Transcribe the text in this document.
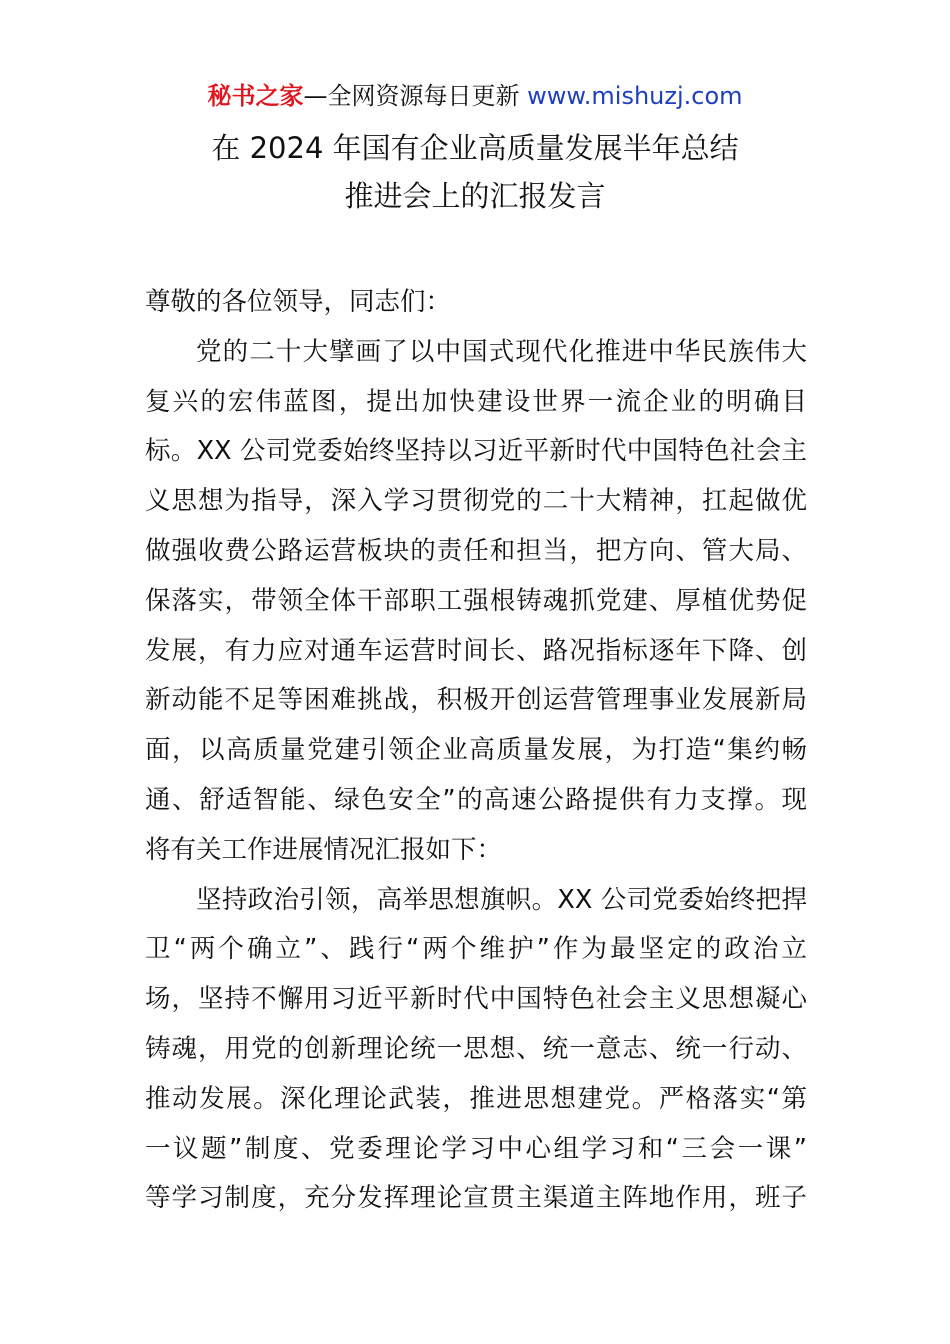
秘书之家—全网资源每日更新 www.mishuzj.com
在 2024 年国有企业高质量发展半年总结
推进会上的汇报发言
尊敬的各位领导，同志们：
党的二十大擘画了以中国式现代化推进中华民族伟大
复兴的宏伟蓝图，提出加快建设世界一流企业的明确目
标。XX 公司党委始终坚持以习近平新时代中国特色社会主
义思想为指导，深入学习贯彻党的二十大精神，扛起做优
做强收费公路运营板块的责任和担当，把方向、管大局、
保落实，带领全体干部职工强根铸魂抓党建、厚植优势促
发展，有力应对通车运营时间长、路况指标逐年下降、创
新动能不足等困难挑战，积极开创运营管理事业发展新局
面，以高质量党建引领企业高质量发展，为打造“集约畅
通、舒适智能、绿色安全”的高速公路提供有力支撑。现
将有关工作进展情况汇报如下：
坚持政治引领，高举思想旗帜。XX 公司党委始终把捍
卫“两个确立”、践行“两个维护”作为最坚定的政治立
场，坚持不懈用习近平新时代中国特色社会主义思想凝心
铸魂，用党的创新理论统一思想、统一意志、统一行动、
推动发展。深化理论武装，推进思想建党。严格落实“第
一议题”制度、党委理论学习中心组学习和“三会一课”
等学习制度，充分发挥理论宣贯主渠道主阵地作用，班子
